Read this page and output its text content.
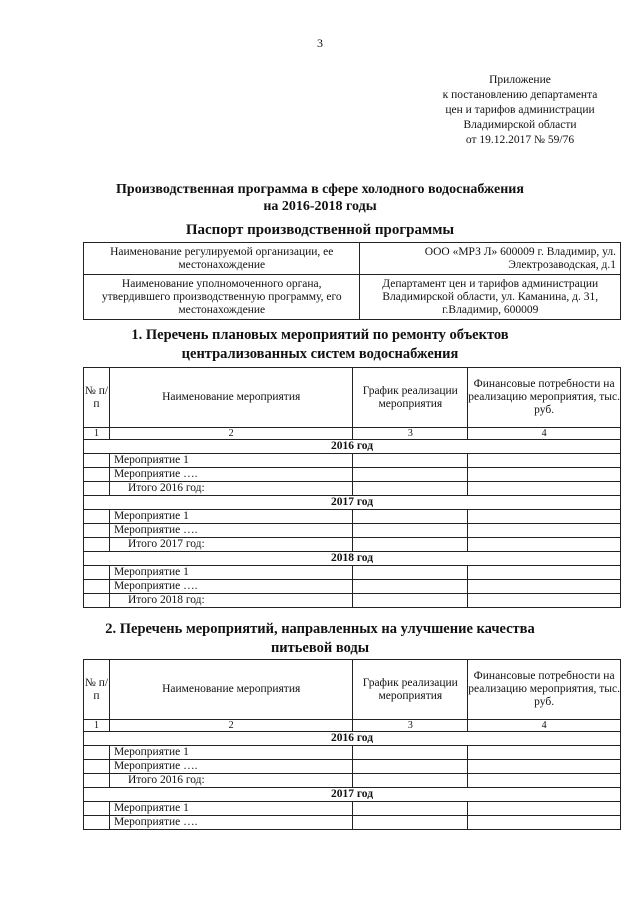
3
Приложение
к постановлению департамента
цен и тарифов администрации
Владимирской области
от 19.12.2017 № 59/76
Производственная программа в сфере холодного водоснабжения
на 2016-2018 годы
Паспорт производственной программы
Наименование регулируемой организации, ее местонахождение	ООО «МРЗ Л» 600009 г. Владимир, ул. Электрозаводская, д.1
Наименование уполномоченного органа, утвердившего производственную программу, его местонахождение	Департамент цен и тарифов администрации Владимирской области, ул. Каманина, д. 31, г.Владимир, 600009
1. Перечень плановых мероприятий по ремонту объектов
централизованных систем водоснабжения
№ п/п	Наименование мероприятия	График реализации мероприятия	Финансовые потребности на реализацию мероприятия, тыс. руб.
1	2	3	4
2016 год			
	Мероприятие 1		
	Мероприятие ….		
	Итого 2016 год:		
2017 год			
	Мероприятие 1		
	Мероприятие ….		
	Итого 2017 год:		
2018 год			
	Мероприятие 1		
	Мероприятие ….		
	Итого 2018 год:		
2. Перечень мероприятий, направленных на улучшение качества
питьевой воды
№ п/п	Наименование мероприятия	График реализации мероприятия	Финансовые потребности на реализацию мероприятия, тыс. руб.
1	2	3	4
2016 год			
	Мероприятие 1		
	Мероприятие ….		
	Итого 2016 год:		
2017 год			
	Мероприятие 1		
	Мероприятие ….		
